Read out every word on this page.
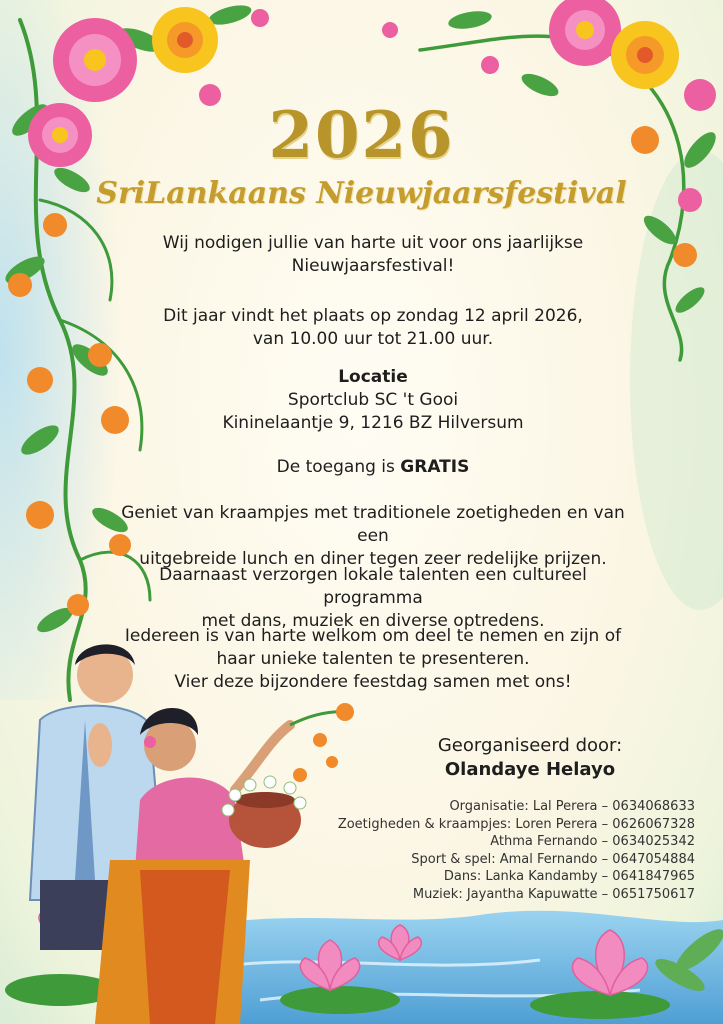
2026
SriLankaans Nieuwjaarsfestival

Wij nodigen jullie van harte uit voor ons jaarlijkse

Nieuwjaarsfestival!

Dit jaar vindt het plaats op zondag 12 april 2026,

van 10.00 uur tot 21.00 uur.

Locatie

Sportclub SC 't Gooi

Kininelaantje 9, 1216 BZ Hilversum

De toegang is GRATIS

Geniet van kraampjes met traditionele zoetigheden en van een

uitgebreide lunch en diner tegen zeer redelijke prijzen.

Daarnaast verzorgen lokale talenten een cultureel programma

met dans, muziek en diverse optredens.

Iedereen is van harte welkom om deel te nemen en zijn of

haar unieke talenten te presenteren.

Vier deze bijzondere feestdag samen met ons!

Georganiseerd door:
Olandaye Helayo
Organisatie: Lal Perera – 0634068633
Zoetigheden & kraampjes: Loren Perera – 0626067328
Athma Fernando – 0634025342
Sport & spel: Amal Fernando – 0647054884
Dans: Lanka Kandamby – 0641847965
Muziek: Jayantha Kapuwatte – 0651750617
